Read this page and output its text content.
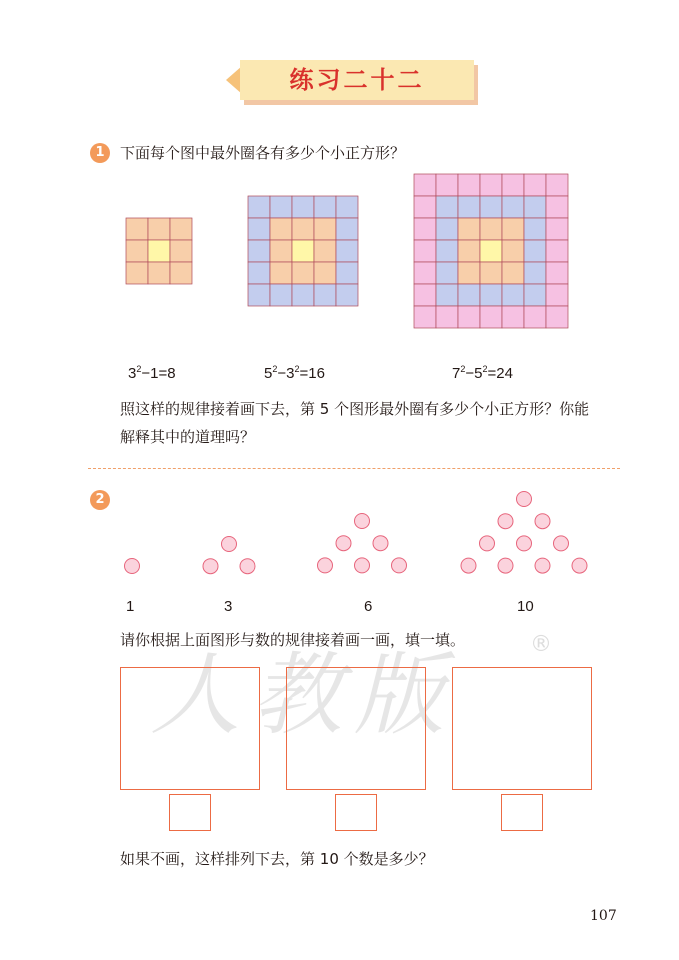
练习二十二
1	下面每个图中最外圈各有多少个小正方形？
$3^2-1=8$	$5^2-3^2=16$	$7^2-5^2=24$
照这样的规律接着画下去，第 5 个图形最外圈有多少个小正方形？你能
解释其中的道理吗？
2
1	3	6	10
请你根据上面图形与数的规律接着画一画，填一填。
人教版	®
如果不画，这样排列下去，第 10 个数是多少？
107
